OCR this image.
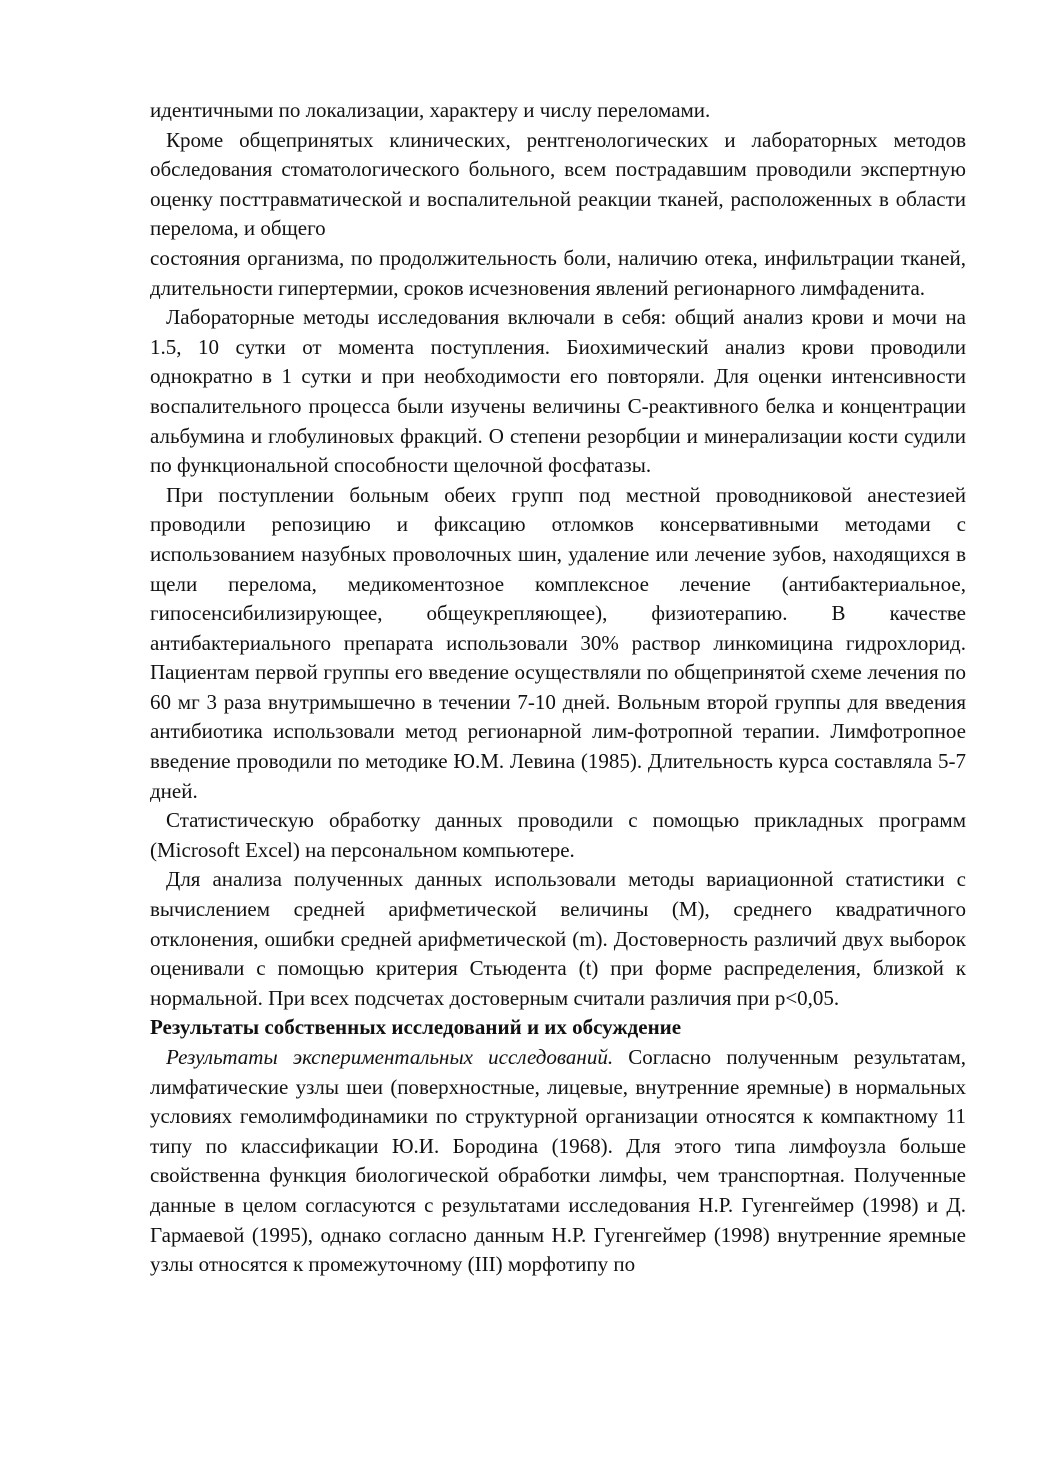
идентичными по локализации, характеру и числу переломами.

Кроме общепринятых клинических, рентгенологических и лабораторных методов обследования стоматологического больного, всем пострадавшим проводили экспертную оценку посттравматической и воспалительной реакции тканей, расположенных в области перелома, и общего

состояния организма, по продолжительность боли, наличию отека, инфильтрации тканей, длительности гипертермии, сроков исчезновения явлений регионарного лимфаденита.

Лабораторные методы исследования включали в себя: общий анализ крови и мочи на 1.5, 10 сутки от момента поступления. Биохимический анализ крови проводили однократно в 1 сутки и при необходимости его повторяли. Для оценки интенсивности воспалительного процесса были изучены величины С-реактивного белка и концентрации альбумина и глобулиновых фракций. О степени резорбции и минерализации кости судили по функциональной способности щелочной фосфатазы.

При поступлении больным обеих групп под местной проводниковой анестезией проводили репозицию и фиксацию отломков консервативными методами с использованием назубных проволочных шин, удаление или лечение зубов, находящихся в щели перелома, медикоментозное комплексное лечение (антибактериальное, гипосенсибилизирующее, общеукрепляющее), физиотерапию. В качестве антибактериального препарата использовали 30% раствор линкомицина гидрохлорид. Пациентам первой группы его введение осуществляли по общепринятой схеме лечения по 60 мг 3 раза внутримышечно в течении 7-10 дней. Вольным второй группы для введения антибиотика использовали метод регионарной лим-фотропной терапии. Лимфотропное введение проводили по методике Ю.М. Левина (1985). Длительность курса составляла 5-7 дней.

Статистическую обработку данных проводили с помощью прикладных программ (Microsoft Excel) на персональном компьютере.

Для анализа полученных данных использовали методы вариационной статистики с вычислением средней арифметической величины (М), среднего квадратичного отклонения, ошибки средней арифметической (m). Достоверность различий двух выборок оценивали с помощью критерия Стьюдента (t) при форме распределения, близкой к нормальной. При всех подсчетах достоверным считали различия при p<0,05.

Результаты собственных исследований и их обсуждение

Результаты экспериментальных исследований. Согласно полученным результатам, лимфатические узлы шеи (поверхностные, лицевые, внутренние яремные) в нормальных условиях гемолимфодинамики по структурной организации относятся к компактному 11 типу по классификации Ю.И. Бородина (1968). Для этого типа лимфоузла больше свойственна функция биологической обработки лимфы, чем транспортная. Полученные данные в целом согласуются с результатами исследования Н.Р. Гугенгеймер (1998) и Д. Гармаевой (1995), однако согласно данным Н.Р. Гугенгеймер (1998) внутренние яремные узлы относятся к промежуточному (III) морфотипу по
